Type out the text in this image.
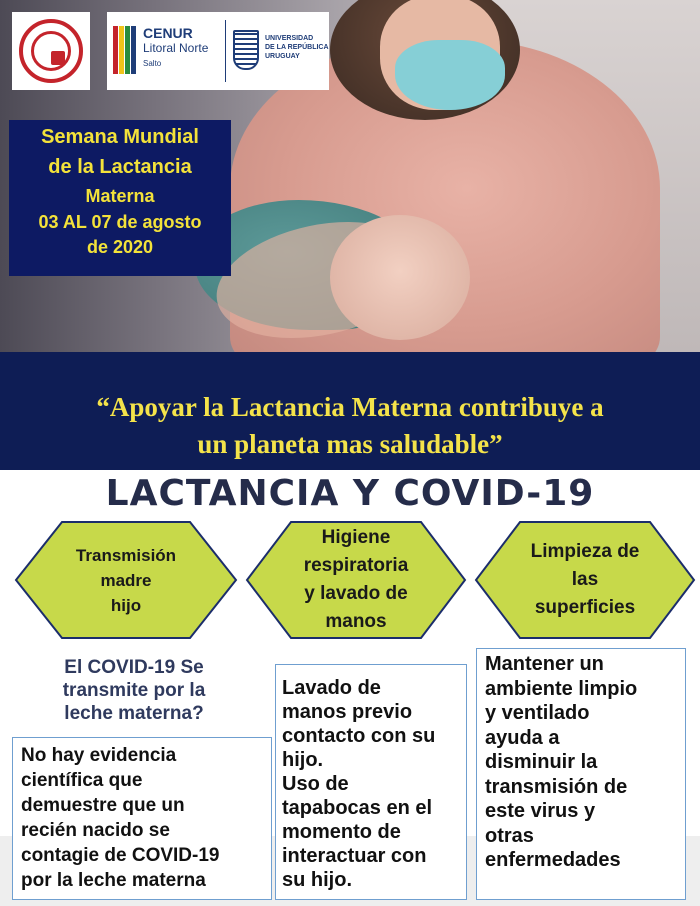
CENUR
Litoral Norte
Salto
UNIVERSIDAD
DE LA REPÚBLICA
URUGUAY
Semana Mundial
de la Lactancia
Materna
03 AL 07 de agosto
de 2020
“Apoyar la Lactancia Materna contribuye a
un planeta mas saludable”
LACTANCIA Y COVID-19
Transmisión
madre
hijo
Higiene
respiratoria
y lavado de
manos
Limpieza de
las
superficies
El COVID-19 Se
transmite por la
leche materna?
No hay evidencia
científica que
demuestre que un
recién nacido se
contagie de COVID-19
por la leche materna
Lavado de
manos previo
contacto con su
hijo.
Uso de
tapabocas en el
momento de
interactuar con
su hijo.
Mantener un
ambiente limpio
y ventilado
ayuda a
disminuir la
transmisión de
este virus y
otras
enfermedades
